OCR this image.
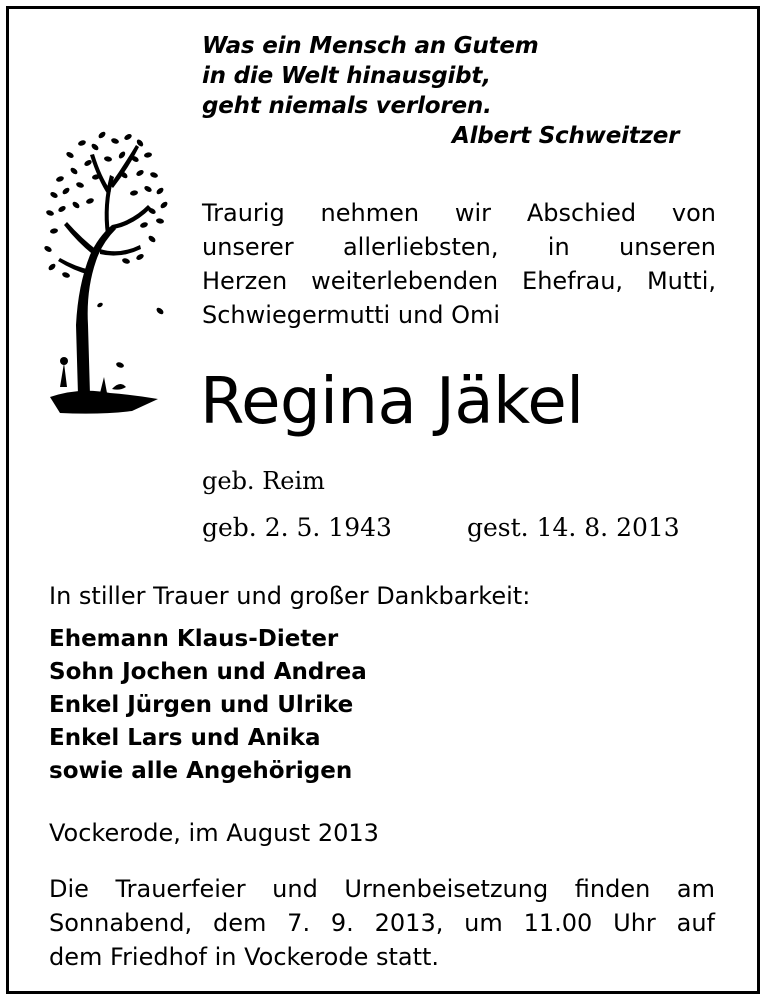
Was ein Mensch an Gutem
in die Welt hinausgibt,
geht niemals verloren.
Albert Schweitzer
Traurig nehmen wir Abschied von
unserer allerliebsten, in unseren
Herzen weiterlebenden Ehefrau, Mutti,
Schwiegermutti und Omi
Regina Jäkel
geb. Reim
geb. 2. 5. 1943	gest. 14. 8. 2013
In stiller Trauer und großer Dankbarkeit:
Ehemann Klaus-Dieter
Sohn Jochen und Andrea
Enkel Jürgen und Ulrike
Enkel Lars und Anika
sowie alle Angehörigen
Vockerode, im August 2013
Die Trauerfeier und Urnenbeisetzung finden am
Sonnabend, dem 7. 9. 2013, um 11.00 Uhr auf
dem Friedhof in Vockerode statt.
